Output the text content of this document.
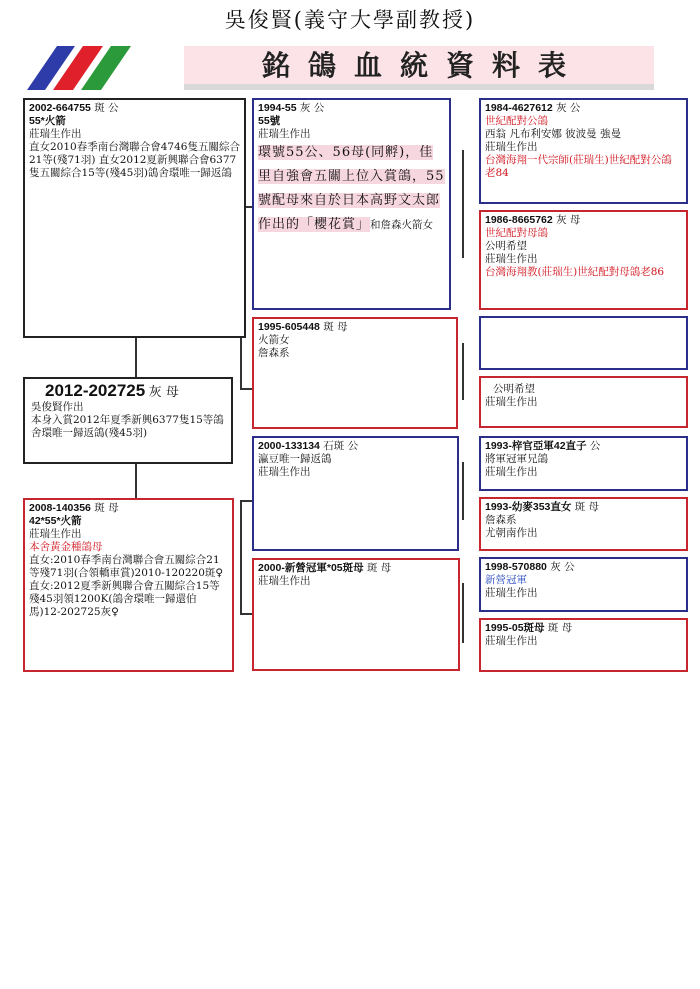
吳俊賢(義守大學副教授)
銘鴿血統資料表
2002-664755 斑 公
55*火箭
莊瑞生作出
直女2010春季南台灣聯合會4746隻五關綜合21等(殘71羽) 直女2012夏新興聯合會6377隻五關綜合15等(殘45羽)鴿舍環唯一歸返鴿
2012-202725 灰 母
吳俊賢作出
本身入賞2012年夏季新興6377隻15等鴿舍環唯一歸返鴿(殘45羽)
2008-140356 斑 母
42*55*火箭
莊瑞生作出
本舍黃金種鴿母
直女:2010春季南台灣聯合會五關綜合21等殘71羽(合領轎車賞)2010-120220斑♀
直女:2012夏季新興聯合會五關綜合15等殘45羽領1200K(鴿舍環唯一歸還伯馬)12-202725灰♀
1994-55 灰 公
55號
莊瑞生作出
環號55公、56母(同孵)，佳里自強會五關上位入賞鴿，55號配母來自於日本高野文太郎作出的「櫻花賞」和詹森火箭女
1995-605448 斑 母
火箭女
詹森系
2000-133134 石斑 公
瀛豆唯一歸返鴿
莊瑞生作出
2000-新營冠軍*05斑母 斑 母
莊瑞生作出
1984-4627612 灰 公
世紀配對公鴿
西翁 凡布利安娜 彼波曼 強曼
莊瑞生作出
台灣海翔一代宗師(莊瑞生)世紀配對公鴿老84
1986-8665762 灰 母
世紀配對母鴿
公明希望
莊瑞生作出
台灣海翔教(莊瑞生)世紀配對母鴿老86
公明希望
莊瑞生作出
1993-梓官亞軍42直子 公
將軍冠軍兄鴿
莊瑞生作出
1993-幼麥353直女 斑 母
詹森系
尤朝南作出
1998-570880 灰 公
新營冠軍
莊瑞生作出
1995-05斑母 斑 母
莊瑞生作出
